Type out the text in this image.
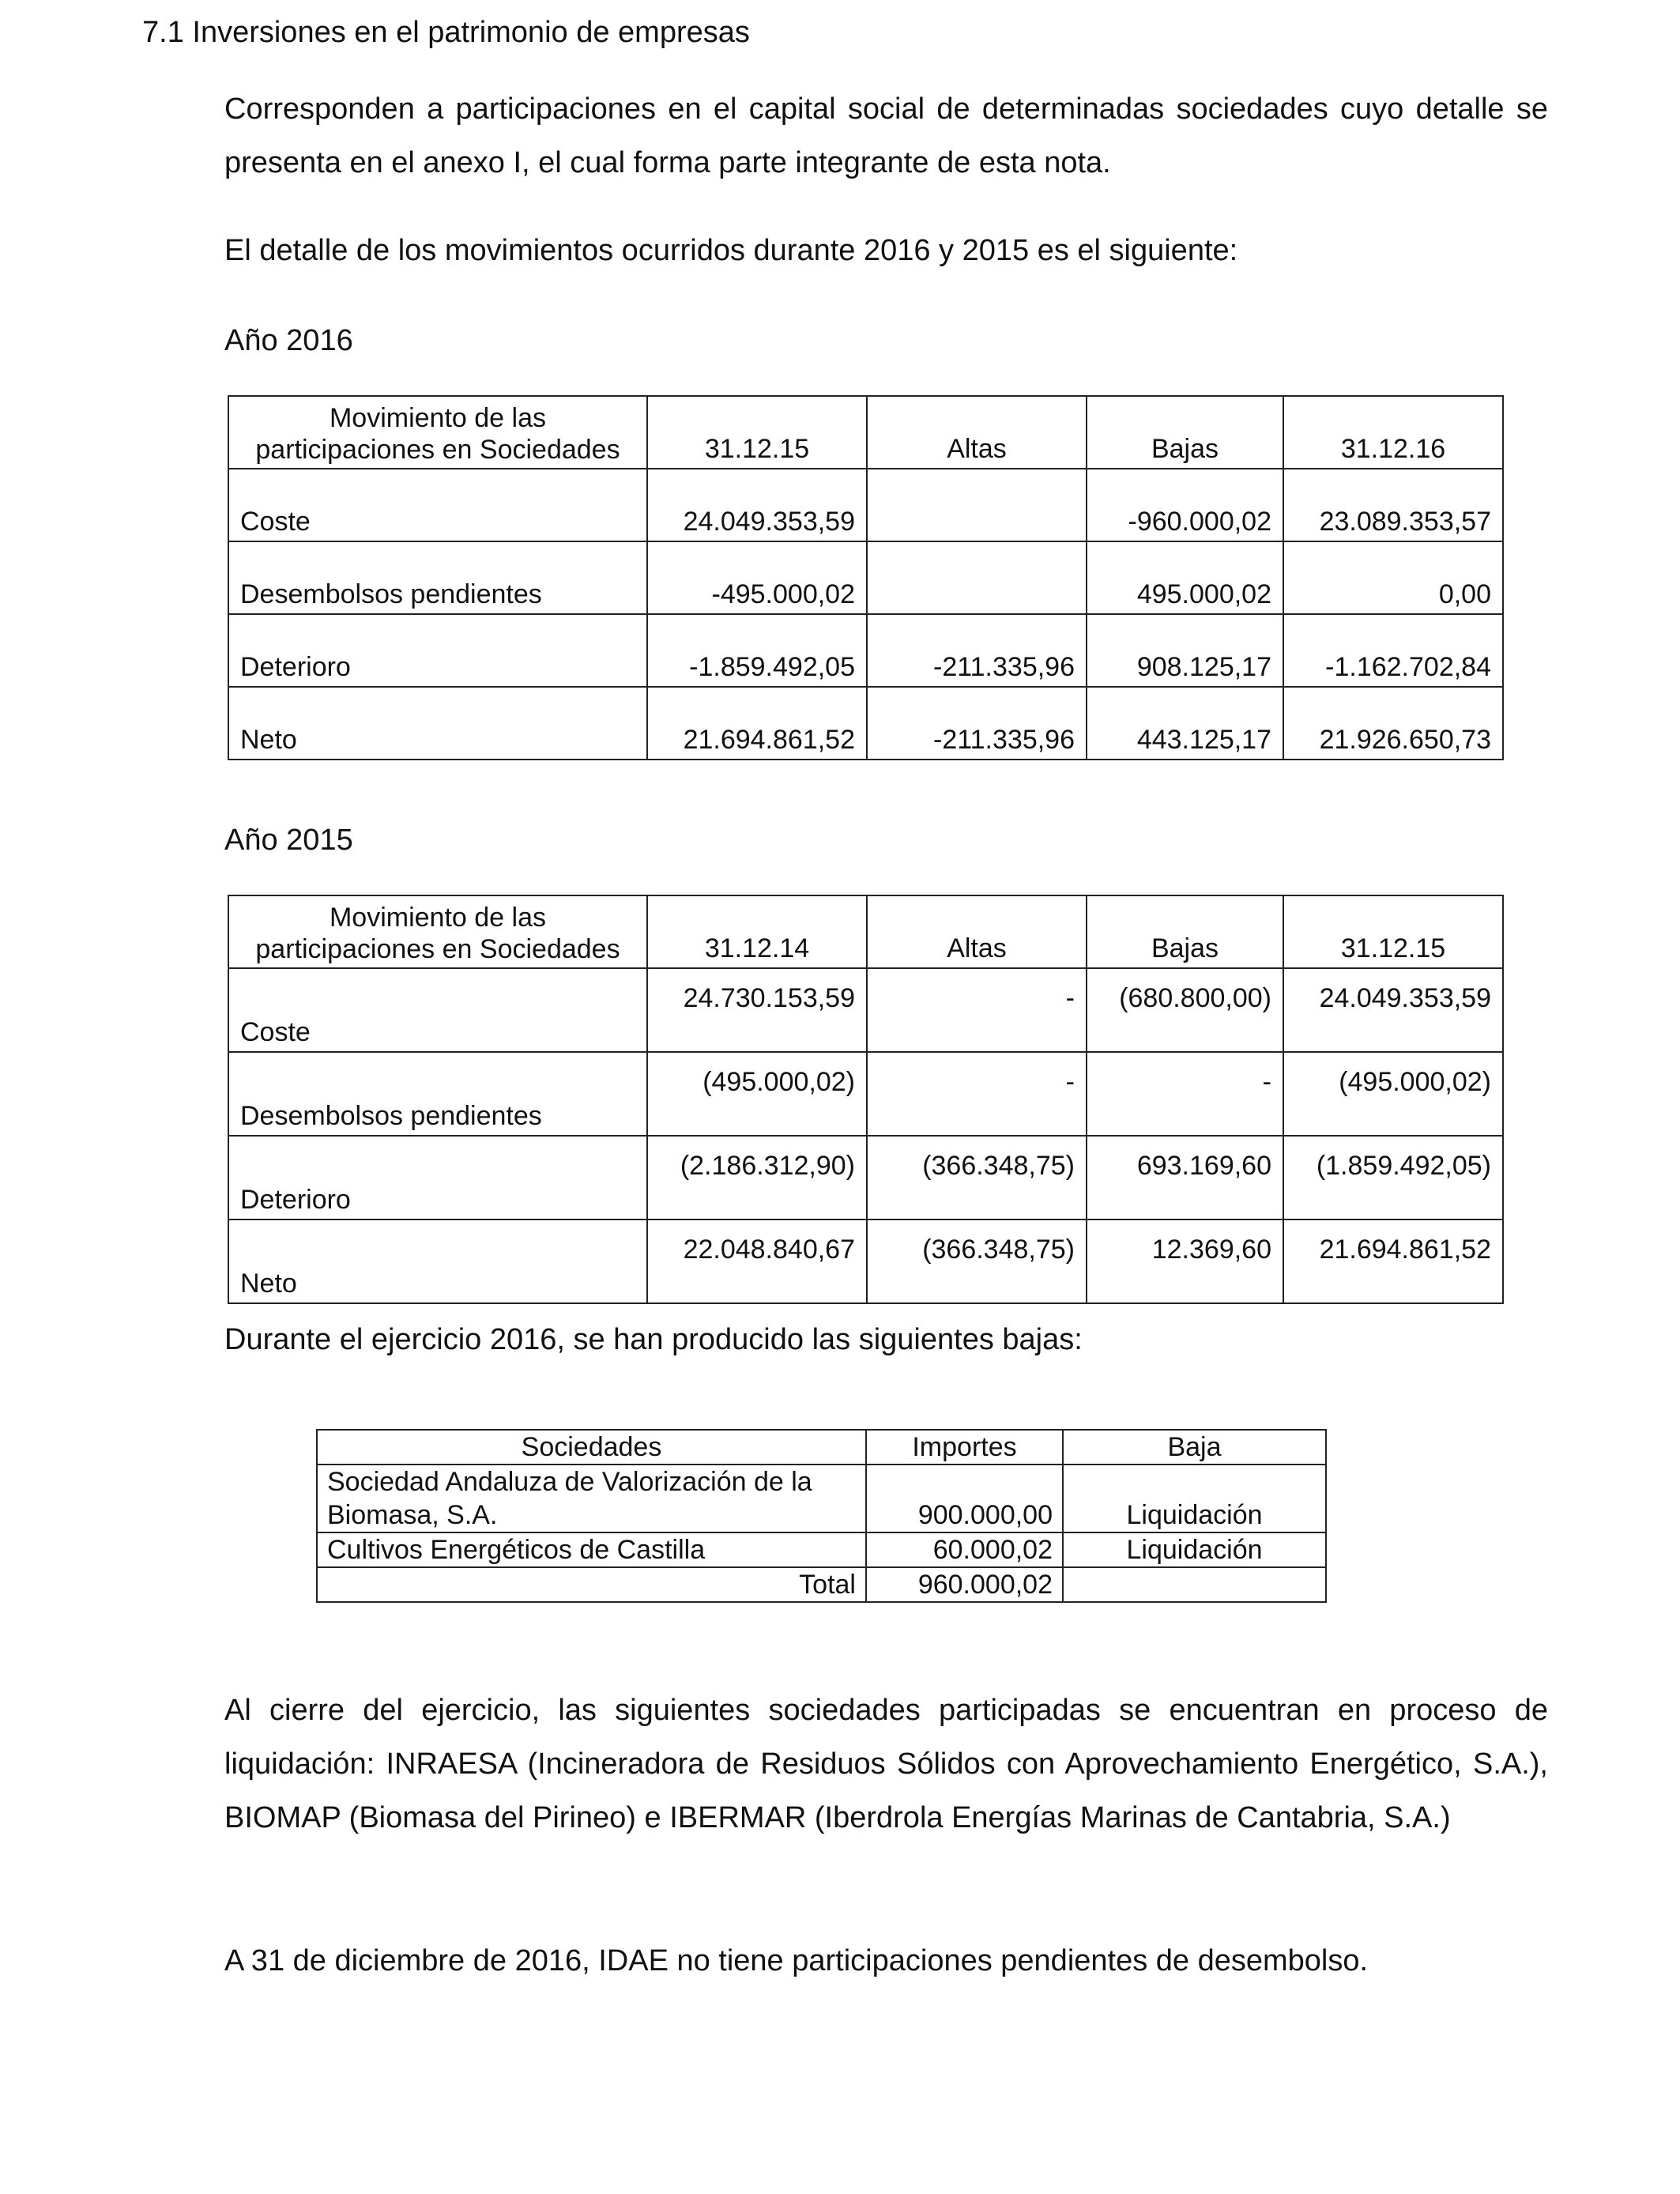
7.1 Inversiones en el patrimonio de empresas
Corresponden a participaciones en el capital social de determinadas sociedades cuyo detalle se presenta en el anexo I, el cual forma parte integrante de esta nota.
El detalle de los movimientos ocurridos durante 2016 y 2015 es el siguiente:
Año 2016
Movimiento de las
participaciones en Sociedades	31.12.15	Altas	Bajas	31.12.16
Coste	24.049.353,59		-960.000,02	23.089.353,57
Desembolsos pendientes	-495.000,02		495.000,02	0,00
Deterioro	-1.859.492,05	-211.335,96	908.125,17	-1.162.702,84
Neto	21.694.861,52	-211.335,96	443.125,17	21.926.650,73
Año 2015
Movimiento de las
participaciones en Sociedades	31.12.14	Altas	Bajas	31.12.15
Coste	24.730.153,59	-	(680.800,00)	24.049.353,59
Desembolsos pendientes	(495.000,02)	-	-	(495.000,02)
Deterioro	(2.186.312,90)	(366.348,75)	693.169,60	(1.859.492,05)
Neto	22.048.840,67	(366.348,75)	12.369,60	21.694.861,52
Durante el ejercicio 2016, se han producido las siguientes bajas:
Sociedades	Importes	Baja
Sociedad Andaluza de Valorización de la Biomasa, S.A.	900.000,00	Liquidación
Cultivos Energéticos de Castilla	60.000,02	Liquidación
Total	960.000,02	
Al cierre del ejercicio, las siguientes sociedades participadas se encuentran en proceso de liquidación: INRAESA (Incineradora de Residuos Sólidos con Aprovechamiento Energético, S.A.), BIOMAP (Biomasa del Pirineo) e IBERMAR (Iberdrola Energías Marinas de Cantabria, S.A.)
A 31 de diciembre de 2016, IDAE no tiene participaciones pendientes de desembolso.
